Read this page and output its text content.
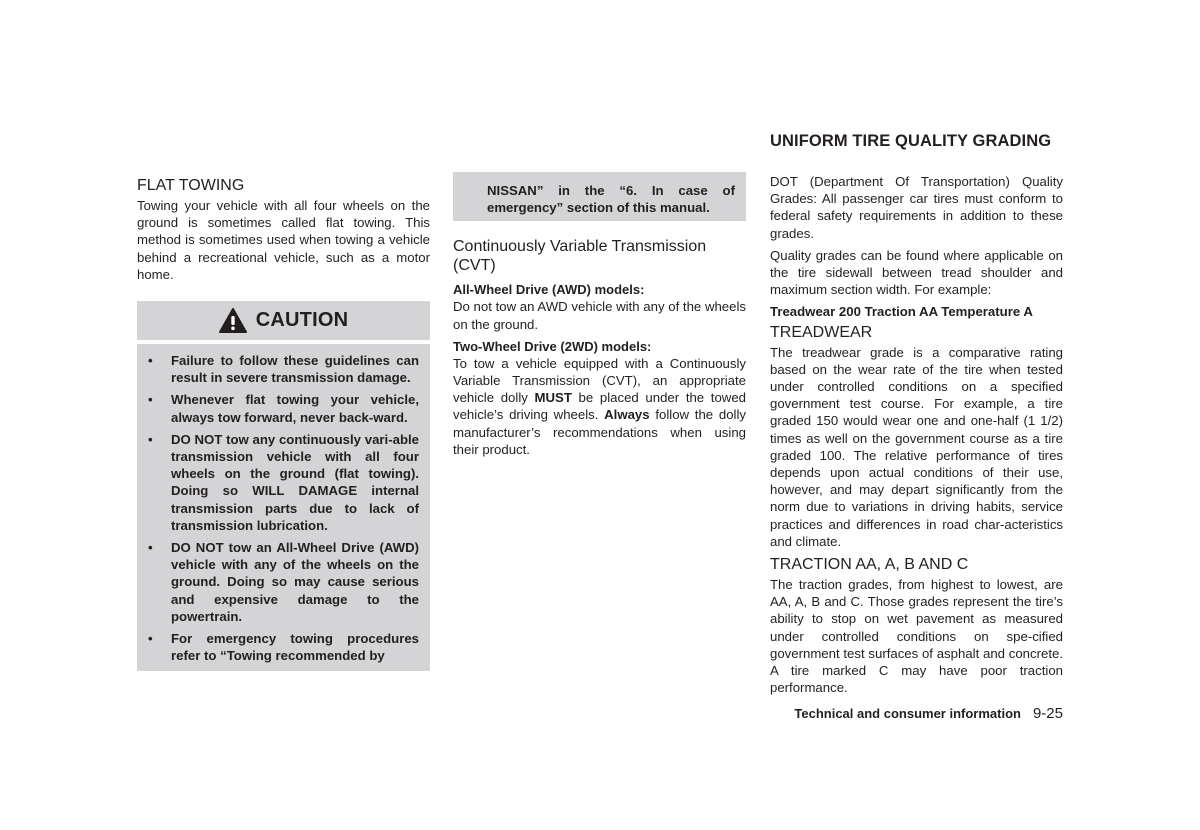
FLAT TOWING

Towing your vehicle with all four wheels on the ground is sometimes called flat towing. This method is sometimes used when towing a vehicle behind a recreational vehicle, such as a motor home.

CAUTION
•	Failure to follow these guidelines can result in severe transmission damage.
•	Whenever flat towing your vehicle, always tow forward, never back-ward.
•	DO NOT tow any continuously vari-able transmission vehicle with all four wheels on the ground (flat towing). Doing so WILL DAMAGE internal transmission parts due to lack of transmission lubrication.
•	DO NOT tow an All-Wheel Drive (AWD) vehicle with any of the wheels on the ground. Doing so may cause serious and expensive damage to the powertrain.
•	For emergency towing procedures refer to “Towing recommended by
NISSAN” in the “6. In case of emergency” section of this manual.
Continuously Variable Transmission (CVT)
All-Wheel Drive (AWD) models:

Do not tow an AWD vehicle with any of the wheels on the ground.

Two-Wheel Drive (2WD) models:

To tow a vehicle equipped with a Continuously Variable Transmission (CVT), an appropriate vehicle dolly MUST be placed under the towed vehicle’s driving wheels. Always follow the dolly manufacturer’s recommendations when using their product.

UNIFORM TIRE QUALITY GRADING

DOT (Department Of Transportation) Quality Grades: All passenger car tires must conform to federal safety requirements in addition to these grades.

Quality grades can be found where applicable on the tire sidewall between tread shoulder and maximum section width. For example:

Treadwear 200 Traction AA Temperature A

TREADWEAR

The treadwear grade is a comparative rating based on the wear rate of the tire when tested under controlled conditions on a specified government test course. For example, a tire graded 150 would wear one and one-half (1 1/2) times as well on the government course as a tire graded 100. The relative performance of tires depends upon actual conditions of their use, however, and may depart significantly from the norm due to variations in driving habits, service practices and differences in road char-acteristics and climate.

TRACTION AA, A, B AND C

The traction grades, from highest to lowest, are AA, A, B and C. Those grades represent the tire’s ability to stop on wet pavement as measured under controlled conditions on spe-cified government test surfaces of asphalt and concrete. A tire marked C may have poor traction performance.

Technical and consumer information 9-25
